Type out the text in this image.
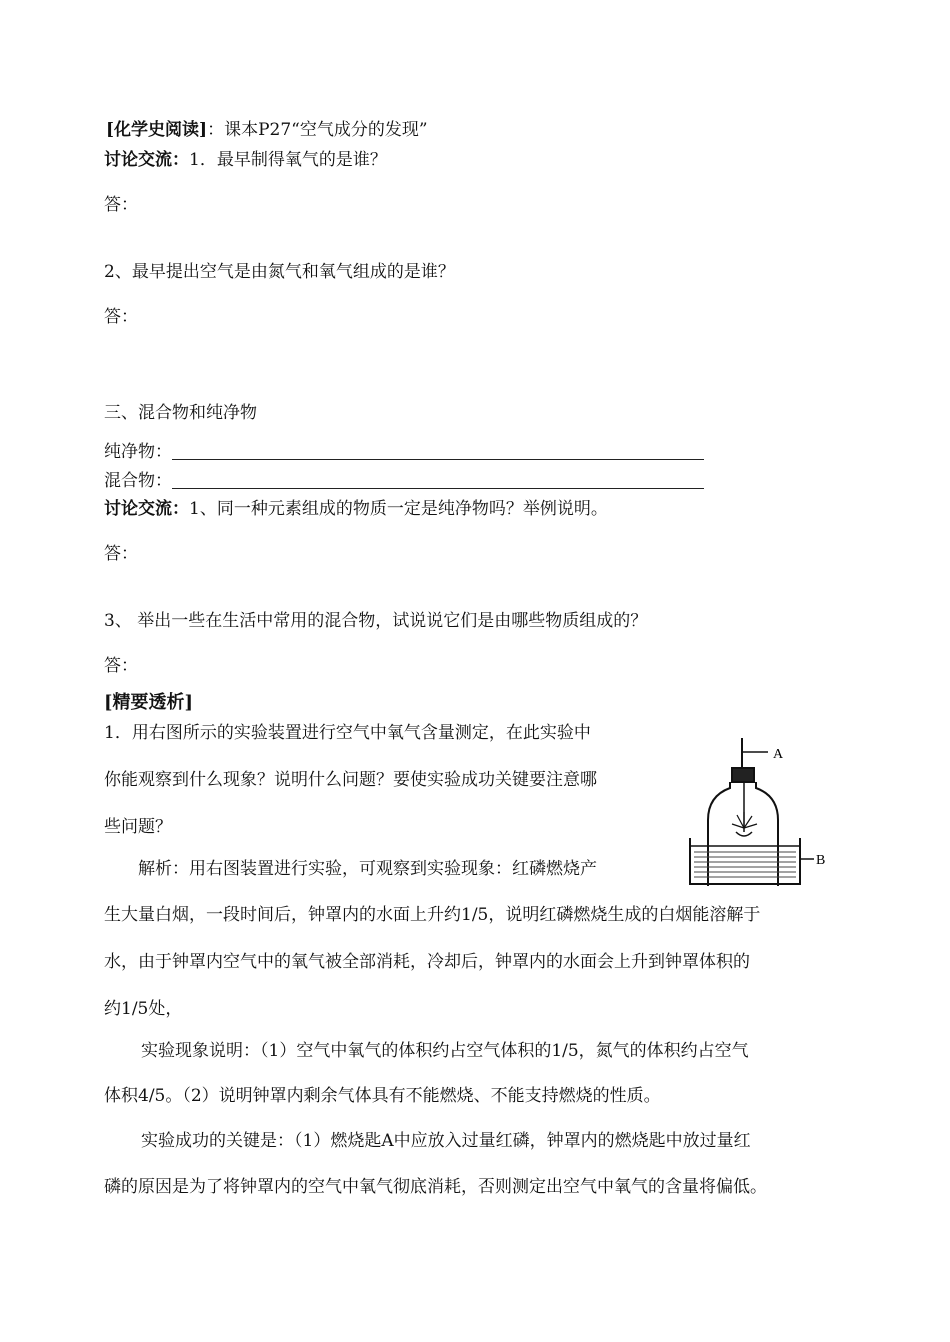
[化学史阅读]：课本P27“空气成分的发现”
讨论交流：1．最早制得氧气的是谁？
答：
2、最早提出空气是由氮气和氧气组成的是谁？
答：
三、混合物和纯净物
纯净物：
混合物：
讨论交流：1、同一种元素组成的物质一定是纯净物吗？举例说明。
答：
3、 举出一些在生活中常用的混合物，试说说它们是由哪些物质组成的？
答：
[精要透析]
1．用右图所示的实验装置进行空气中氧气含量测定，在此实验中
你能观察到什么现象？说明什么问题？要使实验成功关键要注意哪
些问题？
解析：用右图装置进行实验，可观察到实验现象：红磷燃烧产
生大量白烟，一段时间后，钟罩内的水面上升约1/5，说明红磷燃烧生成的白烟能溶解于
水，由于钟罩内空气中的氧气被全部消耗，冷却后，钟罩内的水面会上升到钟罩体积的
约1/5处，
实验现象说明：（1）空气中氧气的体积约占空气体积的1/5，氮气的体积约占空气
体积4/5。（2）说明钟罩内剩余气体具有不能燃烧、不能支持燃烧的性质。
实验成功的关键是：（1）燃烧匙A中应放入过量红磷，钟罩内的燃烧匙中放过量红
磷的原因是为了将钟罩内的空气中氧气彻底消耗，否则测定出空气中氧气的含量将偏低。
A
B
